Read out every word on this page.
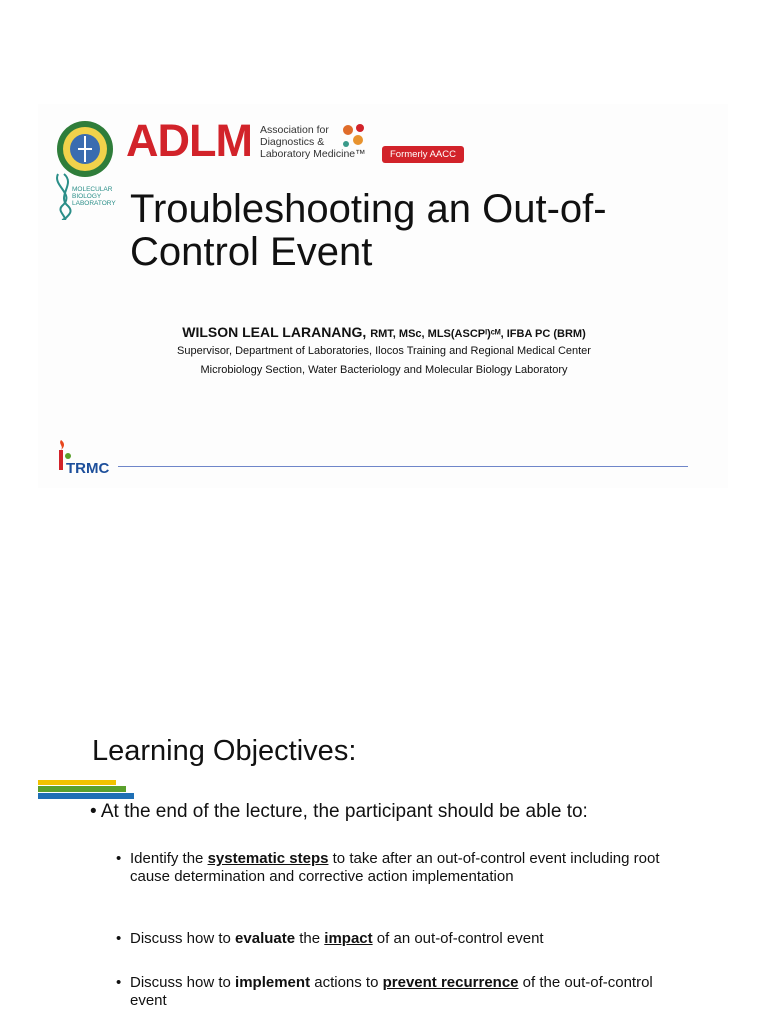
MOLECULAR
BIOLOGY
LABORATORY
ADLM Association for
Diagnostics &
Laboratory Medicine™	Formerly AACC
Troubleshooting an Out-of-Control Event
WILSON LEAL LARANANG, RMT, MSc, MLS(ASCPᴵ)ᶜᴹ, IFBA PC (BRM)
Supervisor, Department of Laboratories, Ilocos Training and Regional Medical Center
Microbiology Section, Water Bacteriology and Molecular Biology Laboratory
TRMC
Learning Objectives:
• At the end of the lecture, the participant should be able to:
• Identify the systematic steps to take after an out-of-control event including root cause determination and corrective action implementation
• Discuss how to evaluate the impact of an out-of-control event
• Discuss how to implement actions to prevent recurrence of the out-of-control event
